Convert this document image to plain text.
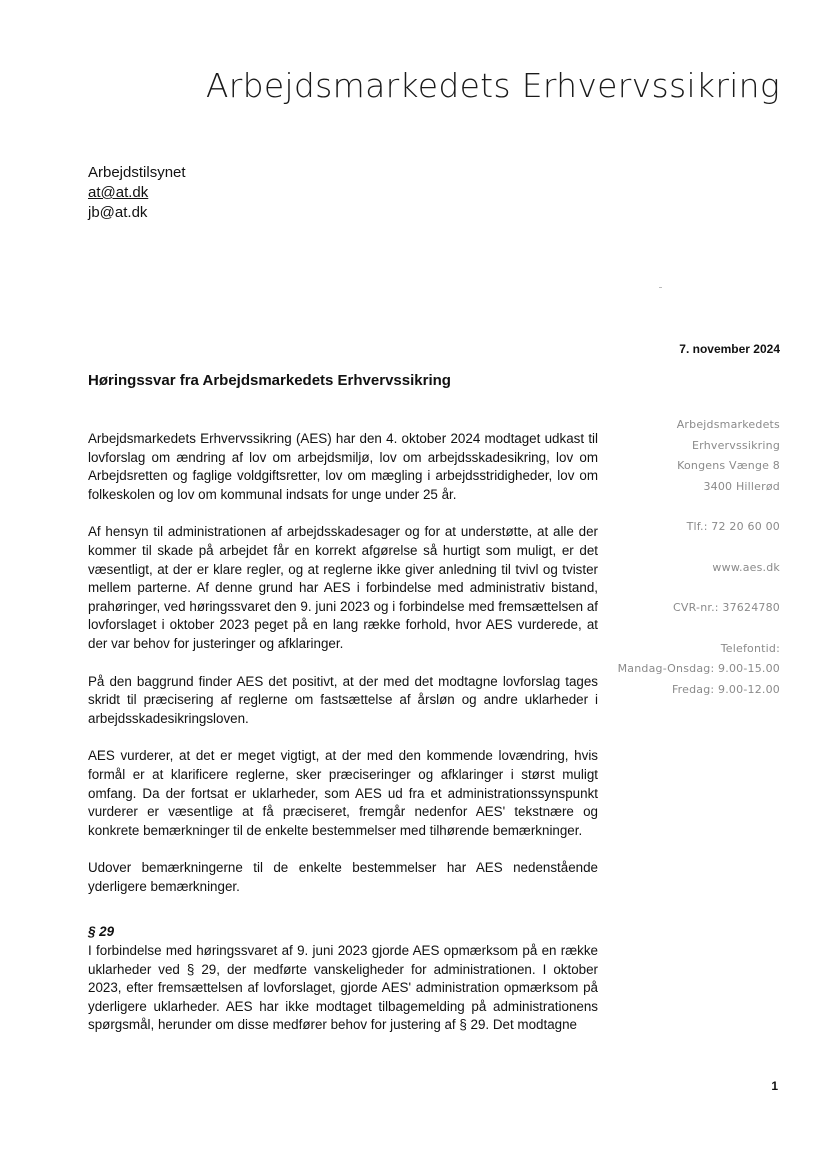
Arbejdsmarkedets Erhvervssikring
Arbejdstilsynet
at@at.dk
jb@at.dk
7. november 2024
Høringssvar fra Arbejdsmarkedets Erhvervssikring

Arbejdsmarkedets Erhvervssikring (AES) har den 4. oktober 2024 modtaget udkast til lovforslag om ændring af lov om arbejdsmiljø, lov om arbejdsskadesikring, lov om Arbejdsretten og faglige voldgiftsretter, lov om mægling i arbejdsstridigheder, lov om folkeskolen og lov om kommunal indsats for unge under 25 år.

Af hensyn til administrationen af arbejdsskadesager og for at understøtte, at alle der kommer til skade på arbejdet får en korrekt afgørelse så hurtigt som muligt, er det væsentligt, at der er klare regler, og at reglerne ikke giver anledning til tvivl og tvister mellem parterne. Af denne grund har AES i forbindelse med administrativ bistand, prahøringer, ved høringssvaret den 9. juni 2023 og i forbindelse med fremsættelsen af lovforslaget i oktober 2023 peget på en lang række forhold, hvor AES vurderede, at der var behov for justeringer og afklaringer.

På den baggrund finder AES det positivt, at der med det modtagne lovforslag tages skridt til præcisering af reglerne om fastsættelse af årsløn og andre uklarheder i arbejdsskadesikringsloven.

AES vurderer, at det er meget vigtigt, at der med den kommende lovændring, hvis formål er at klarificere reglerne, sker præciseringer og afklaringer i størst muligt omfang. Da der fortsat er uklarheder, som AES ud fra et administrationssynspunkt vurderer er væsentlige at få præciseret, fremgår nedenfor AES' tekstnære og konkrete bemærkninger til de enkelte bestemmelser med tilhørende bemærkninger.

Udover bemærkningerne til de enkelte bestemmelser har AES nedenstående yderligere bemærkninger.

§ 29

I forbindelse med høringssvaret af 9. juni 2023 gjorde AES opmærksom på en række uklarheder ved § 29, der medførte vanskeligheder for administrationen. I oktober 2023, efter fremsættelsen af lovforslaget, gjorde AES' administration opmærksom på yderligere uklarheder. AES har ikke modtaget tilbagemelding på administrationens spørgsmål, herunder om disse medfører behov for justering af § 29. Det modtagne

Arbejdsmarkedets
Erhvervssikring
Kongens Vænge 8
3400 Hillerød
Tlf.: 72 20 60 00
www.aes.dk
CVR-nr.: 37624780
Telefontid:
Mandag-Onsdag: 9.00-15.00
Fredag: 9.00-12.00
1
